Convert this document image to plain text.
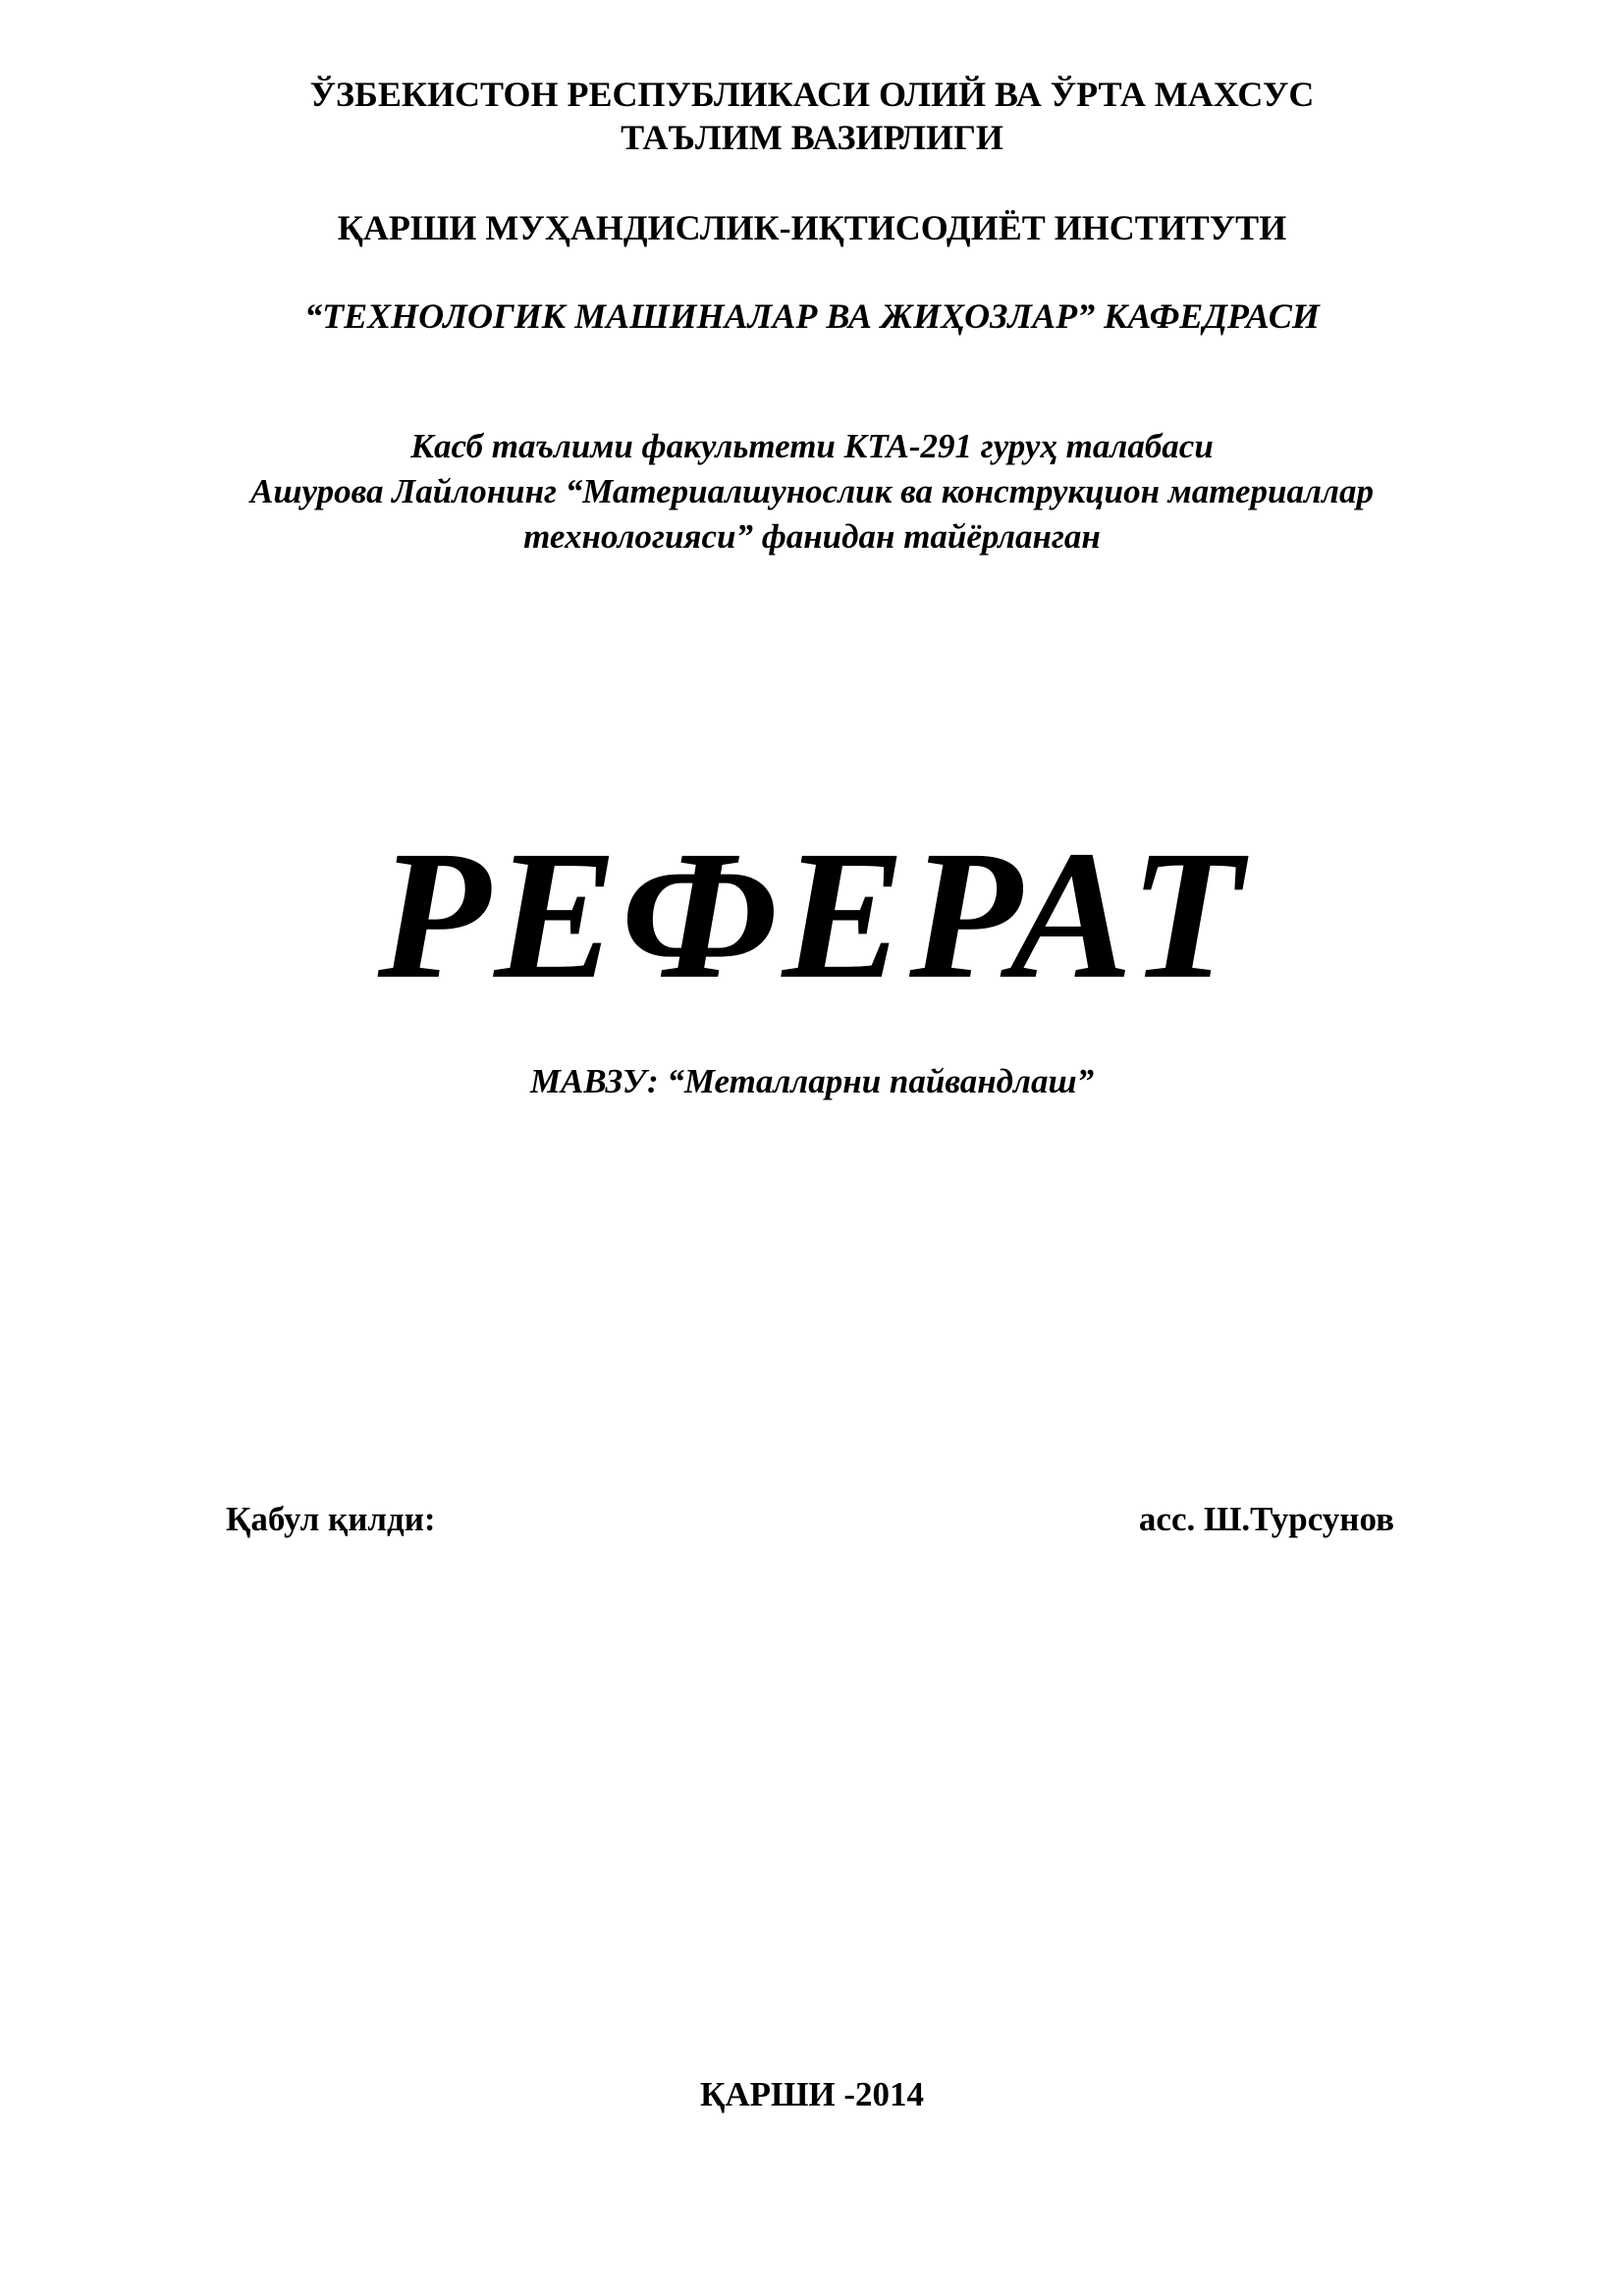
ЎЗБЕКИСТОН РЕСПУБЛИКАСИ ОЛИЙ ВА ЎРТА МАХСУС
ТАЪЛИМ ВАЗИРЛИГИ
ҚАРШИ МУҲАНДИСЛИК-ИҚТИСОДИЁТ ИНСТИТУТИ
“ТЕХНОЛОГИК МАШИНАЛАР ВА ЖИҲОЗЛАР” КАФЕДРАСИ
Касб таълими факультети КТА-291 гуруҳ талабаси
Ашурова Лайлонинг “Материалшунослик ва конструкцион материаллар
технологияси” фанидан тайёрланган
РЕФЕРАТ
МАВЗУ: “Металларни пайвандлаш”
Қабул қилди:	асс. Ш.Турсунов
ҚАРШИ -2014
